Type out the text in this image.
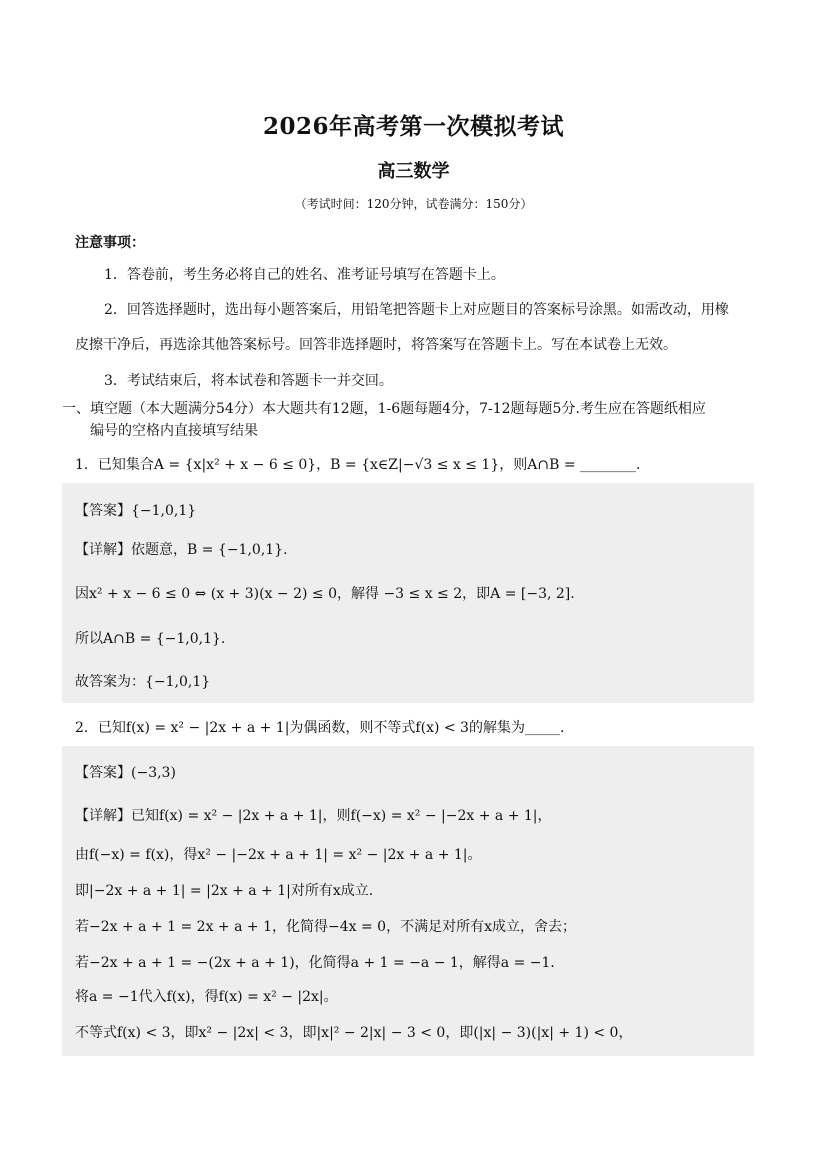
2026年高考第一次模拟考试
高三数学
（考试时间：120分钟，试卷满分：150分）
注意事项：
1．答卷前，考生务必将自己的姓名、准考证号填写在答题卡上。
2．回答选择题时，选出每小题答案后，用铅笔把答题卡上对应题目的答案标号涂黑。如需改动，用橡
皮擦干净后，再选涂其他答案标号。回答非选择题时，将答案写在答题卡上。写在本试卷上无效。
3．考试结束后，将本试卷和答题卡一并交回。
一、填空题（本大题满分54分）本大题共有12题，1-6题每题4分，7-12题每题5分.考生应在答题纸相应
编号的空格内直接填写结果
1．已知集合A = {x|x² + x − 6 ≤ 0}，B = {x∈Z|−√3 ≤ x ≤ 1}，则A∩B = ________.
【答案】{−1,0,1}
【详解】依题意，B = {−1,0,1}.
因x² + x − 6 ≤ 0 ⇔ (x + 3)(x − 2) ≤ 0，解得 −3 ≤ x ≤ 2，即A = [−3, 2].
所以A∩B = {−1,0,1}.
故答案为：{−1,0,1}
2．已知f(x) = x² − |2x + a + 1|为偶函数，则不等式f(x) < 3的解集为_____．
【答案】(−3,3)
【详解】已知f(x) = x² − |2x + a + 1|，则f(−x) = x² − |−2x + a + 1|，
由f(−x) = f(x)，得x² − |−2x + a + 1| = x² − |2x + a + 1|。
即|−2x + a + 1| = |2x + a + 1|对所有x成立．
若−2x + a + 1 = 2x + a + 1，化简得−4x = 0，不满足对所有x成立，舍去；
若−2x + a + 1 = −(2x + a + 1)，化简得a + 1 = −a − 1，解得a = −1．
将a = −1代入f(x)，得f(x) = x² − |2x|。
不等式f(x) < 3，即x² − |2x| < 3，即|x|² − 2|x| − 3 < 0，即(|x| − 3)(|x| + 1) < 0，
